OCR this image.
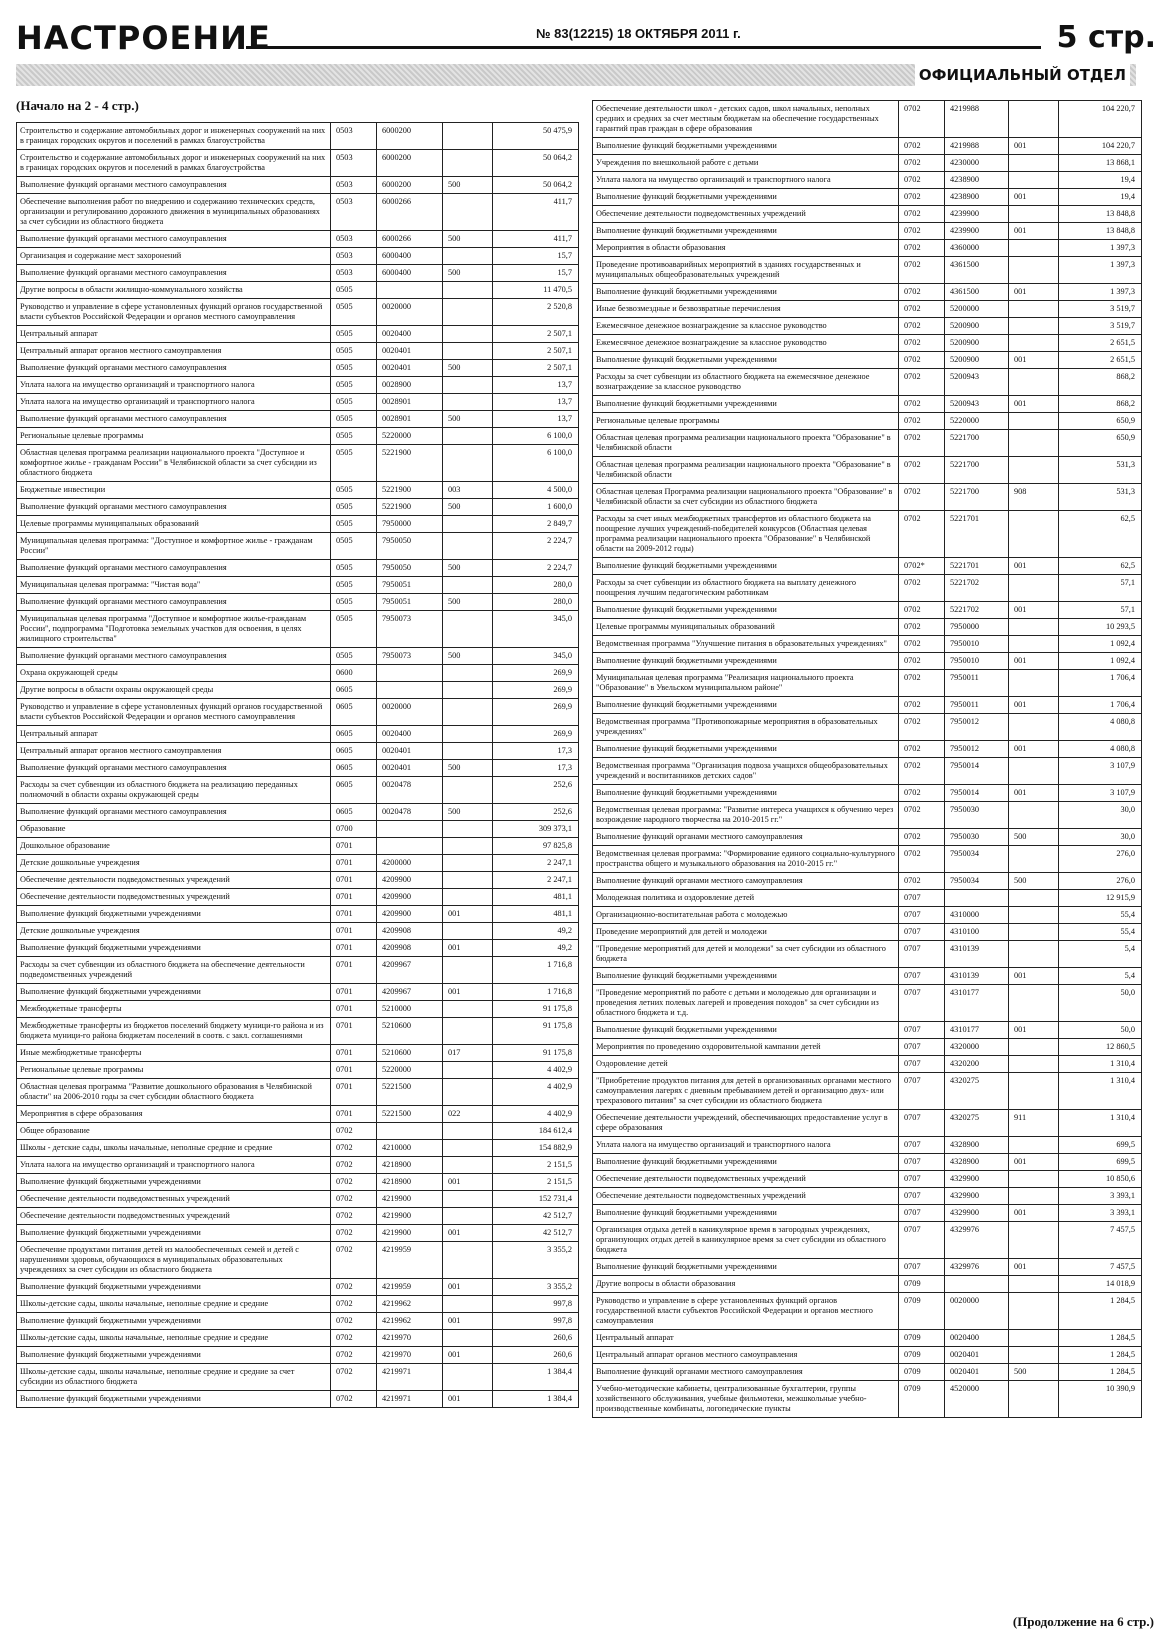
НАСТРОЕНИЕ	№ 83(12215) 18 ОКТЯБРЯ 2011 г.	5 стр.
ОФИЦИАЛЬНЫЙ ОТДЕЛ
(Начало на 2 - 4 стр.)
Строительство и содержание автомобильных дорог и инженерных сооружений на них в границах городских округов и поселений в рамках благоустройства	0503	6000200		50 475,9
Строительство и содержание автомобильных дорог и инженерных сооружений на них в границах городских округов и поселений в рамках благоустройства	0503	6000200		50 064,2
Выполнение функций органами местного самоуправления	0503	6000200	500	50 064,2
Обеспечение выполнения работ по внедрению и содержанию технических средств, организации и регулированию дорожного движения в муниципальных образованиях за счет субсидии из областного бюджета	0503	6000266		411,7
Выполнение функций органами местного самоуправления	0503	6000266	500	411,7
Организация и содержание мест захоронений	0503	6000400		15,7
Выполнение функций органами местного самоуправления	0503	6000400	500	15,7
Другие вопросы в области жилищно-коммунального хозяйства	0505			11 470,5
Руководство и управление в сфере установленных функций органов государственной власти субъектов Российской Федерации и органов местного самоуправления	0505	0020000		2 520,8
Центральный аппарат	0505	0020400		2 507,1
Центральный аппарат органов местного самоуправления	0505	0020401		2 507,1
Выполнение функций органами местного самоуправления	0505	0020401	500	2 507,1
Уплата налога на имущество организаций и транспортного налога	0505	0028900		13,7
Уплата налога на имущество организаций и транспортного налога	0505	0028901		13,7
Выполнение функций органами местного самоуправления	0505	0028901	500	13,7
Региональные целевые программы	0505	5220000		6 100,0
Областная целевая программа реализации национального проекта "Доступное и комфортное жилье - гражданам России" в Челябинской области за счет субсидии из областного бюджета	0505	5221900		6 100,0
Бюджетные инвестиции	0505	5221900	003	4 500,0
Выполнение функций органами местного самоуправления	0505	5221900	500	1 600,0
Целевые программы муниципальных образований	0505	7950000		2 849,7
Муниципальная целевая программа: "Доступное и комфортное жилье - гражданам России"	0505	7950050		2 224,7
Выполнение функций органами местного самоуправления	0505	7950050	500	2 224,7
Муниципальная целевая программа: "Чистая вода"	0505	7950051		280,0
Выполнение функций органами местного самоуправления	0505	7950051	500	280,0
Муниципальная целевая программа "Доступное и комфортное жилье-гражданам России", подпрограмма "Подготовка земельных участков для освоения, в целях жилищного строительства"	0505	7950073		345,0
Выполнение функций органами местного самоуправления	0505	7950073	500	345,0
Охрана окружающей среды	0600			269,9
Другие вопросы в области охраны окружающей среды	0605			269,9
Руководство и управление в сфере установленных функций органов государственной власти субъектов Российской Федерации и органов местного самоуправления	0605	0020000		269,9
Центральный аппарат	0605	0020400		269,9
Центральный аппарат органов местного самоуправления	0605	0020401		17,3
Выполнение функций органами местного самоуправления	0605	0020401	500	17,3
Расходы за счет субвенции из областного бюджета на реализацию переданных полномочий в области охраны окружающей среды	0605	0020478		252,6
Выполнение функций органами местного самоуправления	0605	0020478	500	252,6
Образование	0700			309 373,1
Дошкольное образование	0701			97 825,8
Детские дошкольные учреждения	0701	4200000		2 247,1
Обеспечение деятельности подведомственных учреждений	0701	4209900		2 247,1
Обеспечение деятельности подведомственных учреждений	0701	4209900		481,1
Выполнение функций бюджетными учреждениями	0701	4209900	001	481,1
Детские дошкольные учреждения	0701	4209908		49,2
Выполнение функций бюджетными учреждениями	0701	4209908	001	49,2
Расходы за счет субвенции из областного бюджета на обеспечение деятельности подведомственных учреждений	0701	4209967		1 716,8
Выполнение функций бюджетными учреждениями	0701	4209967	001	1 716,8
Межбюджетные трансферты	0701	5210000		91 175,8
Межбюджетные трансферты из бюджетов поселений бюджету муници-го района и из бюджета муници-го района бюджетам поселений в соотв. с закл. соглашениями	0701	5210600		91 175,8
Иные межбюджетные трансферты	0701	5210600	017	91 175,8
Региональные целевые программы	0701	5220000		4 402,9
Областная целевая программа "Развитие дошкольного образования в Челябинской области" на 2006-2010 годы за счет субсидии областного бюджета	0701	5221500		4 402,9
Мероприятия в сфере образования	0701	5221500	022	4 402,9
Общее образование	0702			184 612,4
Школы - детские сады, школы начальные, неполные средние и средние	0702	4210000		154 882,9
Уплата налога на имущество организаций и транспортного налога	0702	4218900		2 151,5
Выполнение функций бюджетными учреждениями	0702	4218900	001	2 151,5
Обеспечение деятельности подведомственных учреждений	0702	4219900		152 731,4
Обеспечение деятельности подведомственных учреждений	0702	4219900		42 512,7
Выполнение функций бюджетными учреждениями	0702	4219900	001	42 512,7
Обеспечение продуктами питания детей из малообеспеченных семей и детей с нарушениями здоровья, обучающихся в муниципальных образовательных учреждениях за счет субсидии из областного бюджета	0702	4219959		3 355,2
Выполнение функций бюджетными учреждениями	0702	4219959	001	3 355,2
Школы-детские сады, школы начальные, неполные средние и средние	0702	4219962		997,8
Выполнение функций бюджетными учреждениями	0702	4219962	001	997,8
Школы-детские сады, школы начальные, неполные средние и средние	0702	4219970		260,6
Выполнение функций бюджетными учреждениями	0702	4219970	001	260,6
Школы-детские сады, школы начальные, неполные средние и средние за счет субсидии из областного бюджета	0702	4219971		1 384,4
Выполнение функций бюджетными учреждениями	0702	4219971	001	1 384,4
Обеспечение деятельности школ - детских садов, школ начальных, неполных средних и средних за счет местным бюджетам на обеспечение государственных гарантий прав граждан в сфере образования	0702	4219988		104 220,7
Выполнение функций бюджетными учреждениями	0702	4219988	001	104 220,7
Учреждения по внешкольной работе с детьми	0702	4230000		13 868,1
Уплата налога на имущество организаций и транспортного налога	0702	4238900		19,4
Выполнение функций бюджетными учреждениями	0702	4238900	001	19,4
Обеспечение деятельности подведомственных учреждений	0702	4239900		13 848,8
Выполнение функций бюджетными учреждениями	0702	4239900	001	13 848,8
Мероприятия в области образования	0702	4360000		1 397,3
Проведение противоаварийных мероприятий в зданиях государственных и муниципальных общеобразовательных учреждений	0702	4361500		1 397,3
Выполнение функций бюджетными учреждениями	0702	4361500	001	1 397,3
Иные безвозмездные и безвозвратные перечисления	0702	5200000		3 519,7
Ежемесячное денежное вознаграждение за классное руководство	0702	5200900		3 519,7
Ежемесячное денежное вознаграждение за классное руководство	0702	5200900		2 651,5
Выполнение функций бюджетными учреждениями	0702	5200900	001	2 651,5
Расходы за счет субвенции из областного бюджета на ежемесячное денежное вознаграждение за классное руководство	0702	5200943		868,2
Выполнение функций бюджетными учреждениями	0702	5200943	001	868,2
Региональные целевые программы	0702	5220000		650,9
Областная целевая программа реализации национального проекта "Образование" в Челябинской области	0702	5221700		650,9
Областная целевая программа реализации национального проекта "Образование" в Челябинской области	0702	5221700		531,3
Областная целевая Программа реализации национального проекта "Образование" в Челябинской области за счет субсидии из областного бюджета	0702	5221700	908	531,3
Расходы за счет иных межбюджетных трансфертов из областного бюджета на поощрение лучших учреждений-победителей конкурсов (Областная целевая программа реализации национального проекта "Образование" в Челябинской области на 2009-2012 годы)	0702	5221701		62,5
Выполнение функций бюджетными учреждениями	0702*	5221701	001	62,5
Расходы за счет субвенции из областного бюджета на выплату денежного поощрения лучшим педагогическим работникам	0702	5221702		57,1
Выполнение функций бюджетными учреждениями	0702	5221702	001	57,1
Целевые программы муниципальных образований	0702	7950000		10 293,5
Ведомственная программа "Улучшение питания в образовательных учреждениях"	0702	7950010		1 092,4
Выполнение функций бюджетными учреждениями	0702	7950010	001	1 092,4
Муниципальная целевая программа "Реализация национального проекта "Образование" в Увельском муниципальном районе"	0702	7950011		1 706,4
Выполнение функций бюджетными учреждениями	0702	7950011	001	1 706,4
Ведомственная программа "Противопожарные мероприятия в образовательных учреждениях"	0702	7950012		4 080,8
Выполнение функций бюджетными учреждениями	0702	7950012	001	4 080,8
Ведомственная программа "Организация подвоза учащихся общеобразовательных учреждений и воспитанников детских садов"	0702	7950014		3 107,9
Выполнение функций бюджетными учреждениями	0702	7950014	001	3 107,9
Ведомственная целевая программа: "Развитие интереса учащихся к обучению через возрождение народного творчества на 2010-2015 гг."	0702	7950030		30,0
Выполнение функций органами местного самоуправления	0702	7950030	500	30,0
Ведомственная целевая программа: "Формирование единого социально-культурного пространства общего и музыкального образования на 2010-2015 гг."	0702	7950034		276,0
Выполнение функций органами местного самоуправления	0702	7950034	500	276,0
Молодежная политика и оздоровление детей	0707			12 915,9
Организационно-воспитательная работа с молодежью	0707	4310000		55,4
Проведение мероприятий для детей и молодежи	0707	4310100		55,4
"Проведение мероприятий для детей и молодежи" за счет субсидии из областного бюджета	0707	4310139		5,4
Выполнение функций бюджетными учреждениями	0707	4310139	001	5,4
"Проведение мероприятий по работе с детьми и молодежью для организации и проведения летних полевых лагерей и проведения походов" за счет субсидии из областного бюджета и т.д.	0707	4310177		50,0
Выполнение функций бюджетными учреждениями	0707	4310177	001	50,0
Мероприятия по проведению оздоровительной кампании детей	0707	4320000		12 860,5
Оздоровление детей	0707	4320200		1 310,4
"Приобретение продуктов питания для детей в организованных органами местного самоуправления лагерях с дневным пребыванием детей и организацию двух- или трехразового питания" за счет субсидии из областного бюджета	0707	4320275		1 310,4
Обеспечение деятельности учреждений, обеспечивающих предоставление услуг в сфере образования	0707	4320275	911	1 310,4
Уплата налога на имущество организаций и транспортного налога	0707	4328900		699,5
Выполнение функций бюджетными учреждениями	0707	4328900	001	699,5
Обеспечение деятельности подведомственных учреждений	0707	4329900		10 850,6
Обеспечение деятельности подведомственных учреждений	0707	4329900		3 393,1
Выполнение функций бюджетными учреждениями	0707	4329900	001	3 393,1
Организация отдыха детей в каникулярное время в загородных учреждениях, организующих отдых детей в каникулярное время за счет субсидии из областного бюджета	0707	4329976		7 457,5
Выполнение функций бюджетными учреждениями	0707	4329976	001	7 457,5
Другие вопросы в области образования	0709			14 018,9
Руководство и управление в сфере установленных функций органов государственной власти субъектов Российской Федерации и органов местного самоуправления	0709	0020000		1 284,5
Центральный аппарат	0709	0020400		1 284,5
Центральный аппарат органов местного самоуправления	0709	0020401		1 284,5
Выполнение функций органами местного самоуправления	0709	0020401	500	1 284,5
Учебно-методические кабинеты, централизованные бухгалтерии, группы хозяйственного обслуживания, учебные фильмотеки, межшкольные учебно-производственные комбинаты, логопедические пункты	0709	4520000		10 390,9
(Продолжение на 6 стр.)
